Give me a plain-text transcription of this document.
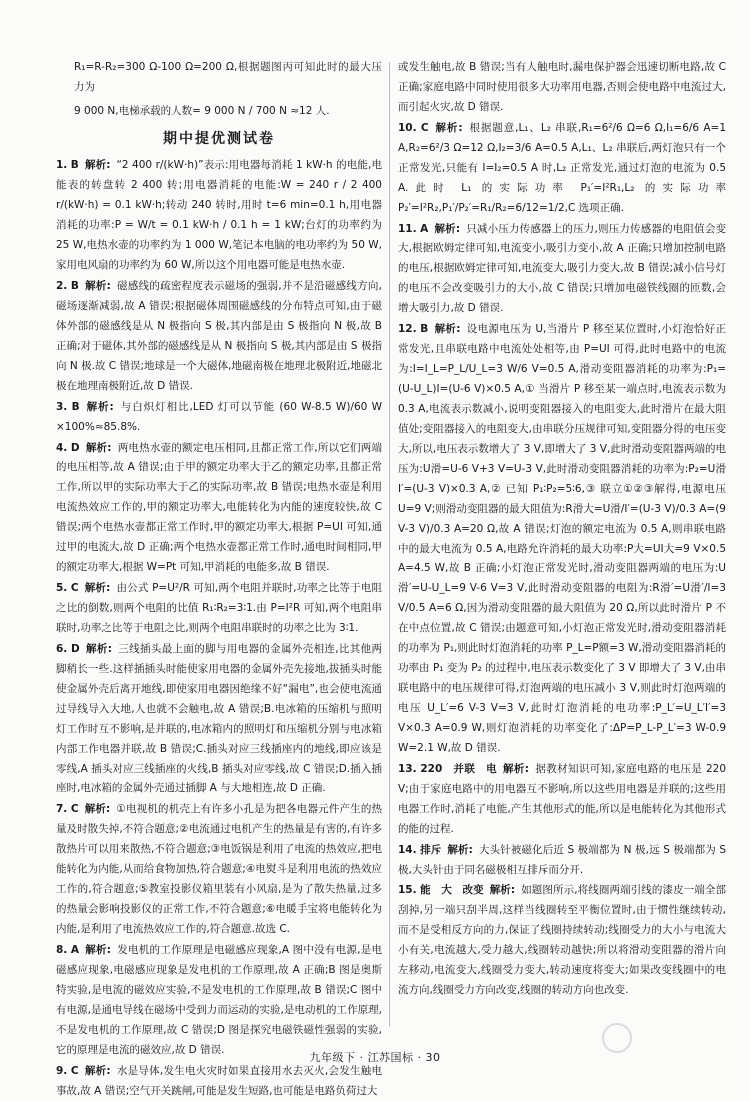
R₁=R-R₂=300 Ω-100 Ω=200 Ω,根据题图丙可知此时的最大压力为

9 000 N,电梯承载的人数= 9 000 N / 700 N ≈12 人.

期中提优测试卷

1. B 解析: “2 400 r/(kW·h)”表示:用电器每消耗 1 kW·h 的电能,电能表的转盘转 2 400 转;用电器消耗的电能:W = 240 r / 2 400 r/(kW·h) = 0.1 kW·h;转动 240 转时,用时 t=6 min=0.1 h,用电器消耗的功率:P = W/t = 0.1 kW·h / 0.1 h = 1 kW;台灯的功率约为 25 W,电热水壶的功率约为 1 000 W,笔记本电脑的电功率约为 50 W,家用电风扇的功率约为 60 W,所以这个用电器可能是电热水壶.

2. B 解析: 磁感线的疏密程度表示磁场的强弱,并不是沿磁感线方向,磁场逐渐减弱,故 A 错误;根据磁体周围磁感线的分布特点可知,由于磁体外部的磁感线是从 N 极指向 S 极,其内部是由 S 极指向 N 极,故 B 正确;对于磁体,其外部的磁感线是从 N 极指向 S 极,其内部是由 S 极指向 N 极.故 C 错误;地球是一个大磁体,地磁南极在地理北极附近,地磁北极在地理南极附近,故 D 错误.

3. B 解析: 与白炽灯相比,LED 灯可以节能 (60 W-8.5 W)/60 W ×100%≈85.8%.

4. D 解析: 两电热水壶的额定电压相同,且都正常工作,所以它们两端的电压相等,故 A 错误;由于甲的额定功率大于乙的额定功率,且都正常工作,所以甲的实际功率大于乙的实际功率,故 B 错误;电热水壶是利用电流热效应工作的,甲的额定功率大,电能转化为内能的速度较快,故 C 错误;两个电热水壶都正常工作时,甲的额定功率大,根据 P=UI 可知,通过甲的电流大,故 D 正确;两个电热水壶都正常工作时,通电时间相同,甲的额定功率大,根据 W=Pt 可知,甲消耗的电能多,故 B 错误.

5. C 解析: 由公式 P=U²/R 可知,两个电阻并联时,功率之比等于电阻之比的倒数,则两个电阻的比值 R₁∶R₂=3∶1.由 P=I²R 可知,两个电阻串联时,功率之比等于电阻之比,则两个电阻串联时的功率之比为 3∶1.

6. D 解析: 三线插头最上面的脚与用电器的金属外壳相连,比其他两脚稍长一些.这样插插头时能使家用电器的金属外壳先接地,拔插头时能使金属外壳后离开地线,即使家用电器因绝缘不好“漏电”,也会使电流通过导线导入大地,人也就不会触电,故 A 错误;B.电冰箱的压缩机与照明灯工作时互不影响,是并联的,电冰箱内的照明灯和压缩机分别与电冰箱内部工作电器并联,故 B 错误;C.插头对应三线插座内的地线,即应该是零线,A 插头对应三线插座的火线,B 插头对应零线,故 C 错误;D.插入插座时,电冰箱的金属外壳通过插脚 A 与大地相连,故 D 正确.

7. C 解析: ①电视机的机壳上有许多小孔是为把各电器元件产生的热量及时散失掉,不符合题意;②电流通过电机产生的热量是有害的,有许多散热片可以用来散热,不符合题意;③电饭锅是利用了电流的热效应,把电能转化为内能,从而给食物加热,符合题意;④电熨斗是利用电流的热效应工作的,符合题意;⑤教室投影仪箱里装有小风扇,是为了散失热量,过多的热量会影响投影仪的正常工作,不符合题意;⑥电暖手宝将电能转化为内能,是利用了电流热效应工作的,符合题意.故选 C.

8. A 解析: 发电机的工作原理是电磁感应现象,A 图中没有电源,是电磁感应现象,电磁感应现象是发电机的工作原理,故 A 正确;B 图是奥斯特实验,是电流的磁效应实验,不是发电机的工作原理,故 B 错误;C 图中有电源,是通电导线在磁场中受到力而运动的实验,是电动机的工作原理,不是发电机的工作原理,故 C 错误;D 图是探究电磁铁磁性强弱的实验,它的原理是电流的磁效应,故 D 错误.

9. C 解析: 水是导体,发生电火灾时如果直接用水去灭火,会发生触电事故,故 A 错误;空气开关跳闸,可能是发生短路,也可能是电路负荷过大

或发生触电,故 B 错误;当有人触电时,漏电保护器会迅速切断电路,故 C 正确;家庭电路中同时使用很多大功率用电器,否则会使电路中电流过大,而引起火灾,故 D 错误.

10. C 解析: 根据题意,L₁、L₂ 串联,R₁=6²/6 Ω=6 Ω,I₁=6/6 A=1 A,R₂=6²/3 Ω=12 Ω,I₂=3/6 A=0.5 A,L₁、L₂ 串联后,两灯泡只有一个正常发光,只能有 I=I₂=0.5 A 时,L₂ 正常发光,通过灯泡的电流为 0.5 A.此时 L₁ 的实际功率 P₁′=I²R₁,L₂ 的实际功率 P₂′=I²R₂,P₁′/P₂′=R₁/R₂=6/12=1/2,C 选项正确.

11. A 解析: 只减小压力传感器上的压力,则压力传感器的电阻值会变大,根据欧姆定律可知,电流变小,吸引力变小,故 A 正确;只增加控制电路的电压,根据欧姆定律可知,电流变大,吸引力变大,故 B 错误;减小信号灯的电压不会改变吸引力的大小,故 C 错误;只增加电磁铁线圈的匝数,会增大吸引力,故 D 错误.

12. B 解析: 设电源电压为 U,当滑片 P 移至某位置时,小灯泡恰好正常发光,且串联电路中电流处处相等,由 P=UI 可得,此时电路中的电流为:I=I_L=P_L/U_L=3 W/6 V=0.5 A,滑动变阻器消耗的功率为:P₁=(U-U_L)I=(U-6 V)×0.5 A,① 当滑片 P 移至某一端点时,电流表示数为 0.3 A,电流表示数减小,说明变阻器接入的电阻变大,此时滑片在最大阻值处;变阻器接入的电阻变大,由串联分压规律可知,变阻器分得的电压变大,所以,电压表示数增大了 3 V,即增大了 3 V,此时滑动变阻器两端的电压为:U滑=U-6 V+3 V=U-3 V,此时滑动变阻器消耗的功率为:P₂=U滑 I′=(U-3 V)×0.3 A,② 已知 P₁∶P₂=5∶6,③ 联立①②③解得,电源电压 U=9 V;则滑动变阻器的最大阻值为:R滑大=U滑/I′=(U-3 V)/0.3 A=(9 V-3 V)/0.3 A=20 Ω,故 A 错误;灯泡的额定电流为 0.5 A,则串联电路中的最大电流为 0.5 A,电路允许消耗的最大功率:P大=UI大=9 V×0.5 A=4.5 W,故 B 正确;小灯泡正常发光时,滑动变阻器两端的电压为:U滑′=U-U_L=9 V-6 V=3 V,此时滑动变阻器的电阻为:R滑′=U滑′/I=3 V/0.5 A=6 Ω,因为滑动变阻器的最大阻值为 20 Ω,所以此时滑片 P 不在中点位置,故 C 错误;由题意可知,小灯泡正常发光时,滑动变阻器消耗的功率为 P₁,则此时灯泡消耗的功率 P_L=P额=3 W,滑动变阻器消耗的功率由 P₁ 变为 P₂ 的过程中,电压表示数变化了 3 V 即增大了 3 V,由串联电路中的电压规律可得,灯泡两端的电压减小 3 V,则此时灯泡两端的电压 U_L′=6 V-3 V=3 V,此时灯泡消耗的电功率:P_L′=U_L′I′=3 V×0.3 A=0.9 W,则灯泡消耗的功率变化了:ΔP=P_L-P_L′=3 W-0.9 W=2.1 W,故 D 错误.

13. 220　并联　电 解析: 据教材知识可知,家庭电路的电压是 220 V;由于家庭电路中的用电器互不影响,所以这些用电器是并联的;这些用电器工作时,消耗了电能,产生其他形式的能,所以是电能转化为其他形式的能的过程.

14. 排斥 解析: 大头针被磁化后近 S 极端都为 N 极,远 S 极端都为 S 极,大头针由于同名磁极相互排斥而分开.

15. 能　大　改变 解析: 如题图所示,将线圈两端引线的漆皮一端全部刮掉,另一端只刮半周,这样当线圈转至平衡位置时,由于惯性继续转动,而不是受相反方向的力,保证了线圈持续转动;线圈受力的大小与电流大小有关,电流越大,受力越大,线圈转动越快;所以将滑动变阻器的滑片向左移动,电流变大,线圈受力变大,转动速度将变大;如果改变线圈中的电流方向,线圈受力方向改变,线圈的转动方向也改变.

九年级下 · 江苏国标 · 30
